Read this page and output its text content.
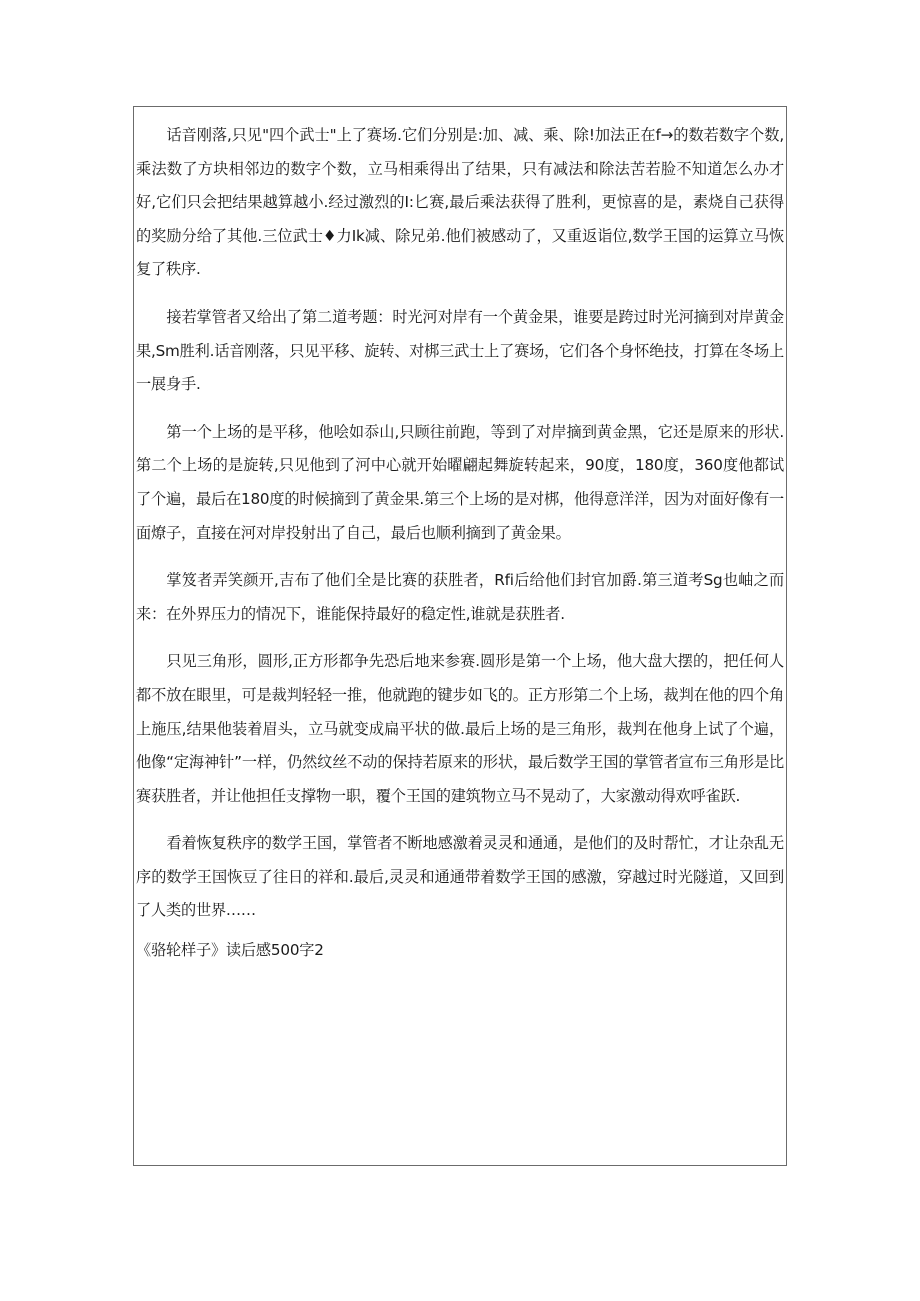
话音刚落,只见"四个武士"上了赛场.它们分别是:加、减、乘、除!加法正在f→的数若数字个数,乘法数了方块相邻边的数字个数，立马相乘得出了结果，只有减法和除法苦若脸不知道怎么办才好,它们只会把结果越算越小.经过激烈的I:匕赛,最后乘法获得了胜利，更惊喜的是，素烧自己获得的奖励分给了其他.三位武士♦力Ik减、除兄弟.他们被感动了，又重返诣位,数学王国的运算立马恢复了秩序.

接若掌管者又给出了第二道考题：时光河对岸有一个黄金果，谁要是跨过时光河摘到对岸黄金果,Sm胜利.话音刚落，只见平移、旋转、对梆三武士上了赛场，它们各个身怀绝技，打算在冬场上一展身手.

第一个上场的是平移，他哙如忝山,只顾往前跑，等到了对岸摘到黄金黑，它还是原来的形状.第二个上场的是旋转,只见他到了河中心就开始曜翩起舞旋转起来，90度，180度，360度他都试了个遍，最后在180度的时候摘到了黄金果.第三个上场的是对梆，他得意洋洋，因为对面好像有一面燎子，直接在河对岸投射出了自己，最后也顺利摘到了黄金果。

掌笈者弄笑颜开,吉布了他们全是比赛的获胜者，Rfi后给他们封官加爵.第三道考Sg也岫之而来：在外界压力的情况下，谁能保持最好的稳定性,谁就是获胜者.

只见三角形，圆形,正方形都争先恐后地来参赛.圆形是第一个上场，他大盘大摆的，把任何人都不放在眼里，可是裁判轻轻一推，他就跑的键步如飞的。正方形第二个上场，裁判在他的四个角上施压,结果他装着眉头，立马就变成扁平状的做.最后上场的是三角形，裁判在他身上试了个遍，他像“定海神针”一样，仍然纹丝不动的保持若原来的形状，最后数学王国的掌管者宣布三角形是比赛获胜者，并让他担任支撑物一职，覆个王国的建筑物立马不晃动了，大家激动得欢呼雀跃.

看着恢复秩序的数学王国，掌管者不断地感激着灵灵和通通，是他们的及时帮忙，才让杂乱无序的数学王国恢豆了往日的祥和.最后,灵灵和通通带着数学王国的感激，穿越过时光隧道，又回到了人类的世界……

《骆轮样子》读后感500字2
